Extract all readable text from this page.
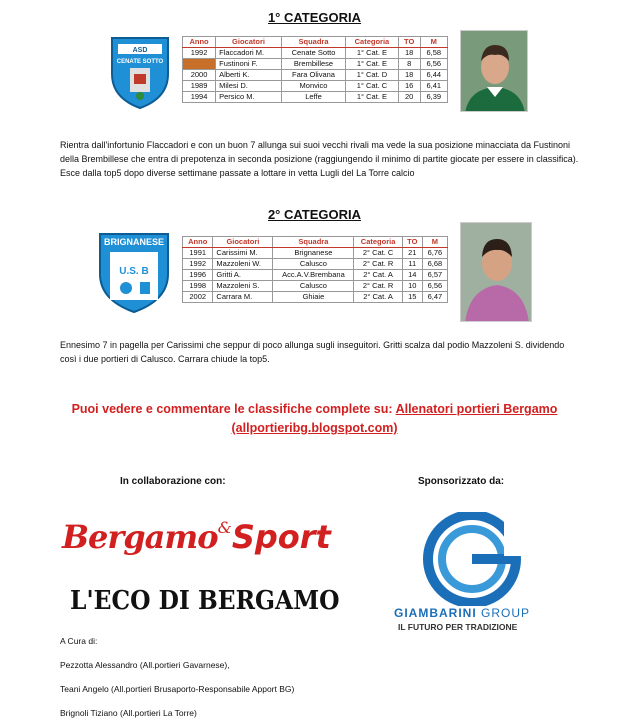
1° CATEGORIA
ASD
CENATE SOTTO
Anno	Giocatori	Squadra	Categoria	TO	M
1992	Flaccadori M.	Cenate Sotto	1° Cat. E	18	6,58
	Fustinoni F.	Brembillese	1° Cat. E	8	6,56
2000	Alberti K.	Fara Olivana	1° Cat. D	18	6,44
1989	Milesi D.	Monvico	1° Cat. C	16	6,41
1994	Persico M.	Leffe	1° Cat. E	20	6,39
Rientra dall'infortunio Flaccadori e con un buon 7 allunga sui suoi vecchi rivali ma vede la sua posizione minacciata da Fustinoni della Brembillese che entra di prepotenza in seconda posizione (raggiungendo il minimo di partite giocate per essere in classifica). Esce dalla top5 dopo diverse settimane passate a lottare in vetta Lugli del La Torre calcio
2° CATEGORIA
BRIGNANESE
U.S. B
Anno	Giocatori	Squadra	Categoria	TO	M
1991	Carissimi M.	Brignanese	2° Cat. C	21	6,76
1992	Mazzoleni W.	Calusco	2° Cat. R	11	6,68
1996	Gritti A.	Acc.A.V.Brembana	2° Cat. A	14	6,57
1998	Mazzoleni S.	Calusco	2° Cat. R	10	6,56
2002	Carrara M.	Ghiaie	2° Cat. A	15	6,47
Ennesimo 7 in pagella per Carissimi che seppur di poco allunga sugli inseguitori. Gritti scalza dal podio Mazzoleni S. dividendo così i due portieri di Calusco. Carrara chiude la top5.
Puoi vedere e commentare le classifiche complete su: Allenatori portieri Bergamo
(allportieribg.blogspot.com)
In collaborazione con:	Sponsorizzato da:
Bergamo&Sport
L'ECO DI BERGAMO	GIAMBARINI GROUP
IL FUTURO PER TRADIZIONE
A Cura di:
Pezzotta Alessandro (All.portieri Gavarnese),
Teani Angelo (All.portieri Brusaporto-Responsabile Apport BG)
Brignoli Tiziano (All.portieri La Torre)
